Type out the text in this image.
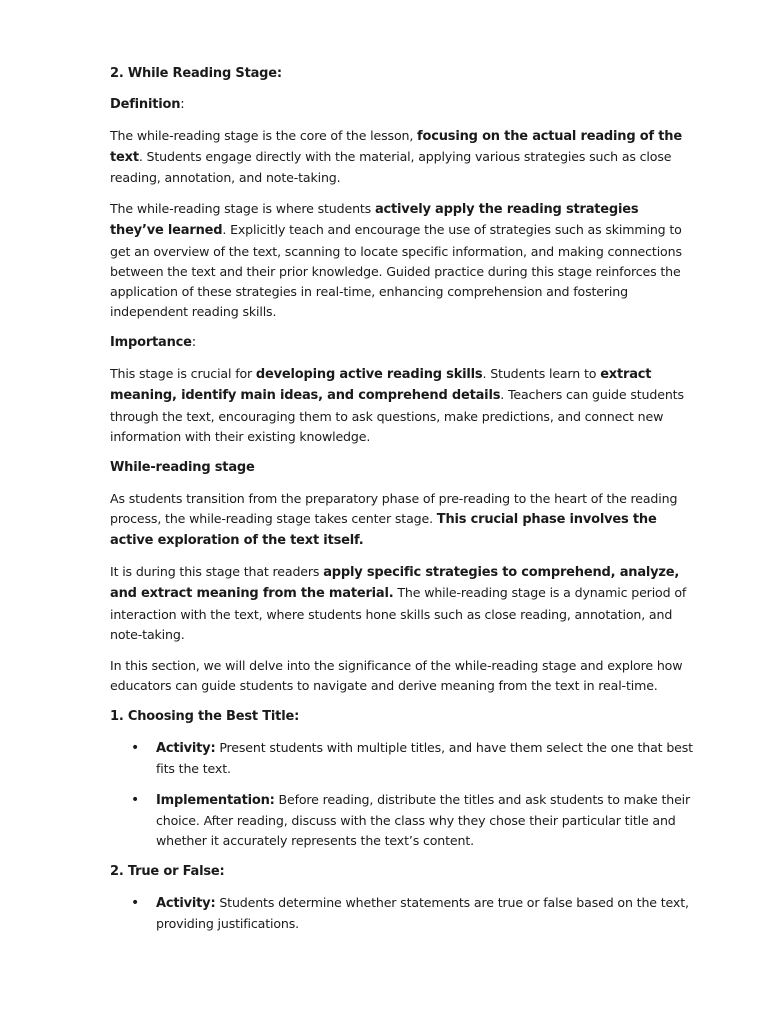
2. While Reading Stage:
Definition:

The while-reading stage is the core of the lesson, focusing on the actual reading of the text. Students engage directly with the material, applying various strategies such as close reading, annotation, and note-taking.

The while-reading stage is where students actively apply the reading strategies they’ve learned. Explicitly teach and encourage the use of strategies such as skimming to get an overview of the text, scanning to locate specific information, and making connections between the text and their prior knowledge. Guided practice during this stage reinforces the application of these strategies in real-time, enhancing comprehension and fostering independent reading skills.

Importance:

This stage is crucial for developing active reading skills. Students learn to extract meaning, identify main ideas, and comprehend details. Teachers can guide students through the text, encouraging them to ask questions, make predictions, and connect new information with their existing knowledge.

While-reading stage

As students transition from the preparatory phase of pre-reading to the heart of the reading process, the while-reading stage takes center stage. This crucial phase involves the active exploration of the text itself.

It is during this stage that readers apply specific strategies to comprehend, analyze, and extract meaning from the material. The while-reading stage is a dynamic period of interaction with the text, where students hone skills such as close reading, annotation, and note-taking.

In this section, we will delve into the significance of the while-reading stage and explore how educators can guide students to navigate and derive meaning from the text in real-time.

1. Choosing the Best Title:
• Activity: Present students with multiple titles, and have them select the one that best fits the text.
• Implementation: Before reading, distribute the titles and ask students to make their choice. After reading, discuss with the class why they chose their particular title and whether it accurately represents the text’s content.
2. True or False:
• Activity: Students determine whether statements are true or false based on the text, providing justifications.
